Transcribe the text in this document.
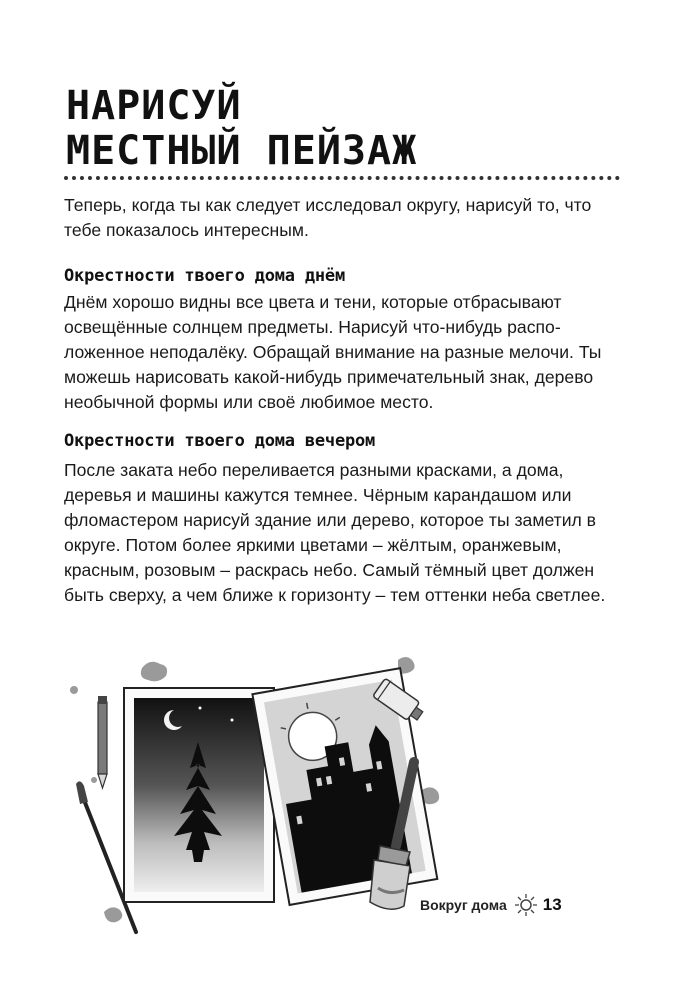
НАРИСУЙ
МЕСТНЫЙ ПЕЙЗАЖ

Теперь, когда ты как следует исследовал округу, нарисуй то, что тебе показалось интересным.

Окрестности твоего дома днём

Днём хорошо видны все цвета и тени, которые отбрасывают освещённые солнцем предметы. Нарисуй что-нибудь расположенное неподалёку. Обращай внимание на разные мелочи. Ты можешь нарисовать какой-нибудь примечательный знак, дерево необычной формы или своё любимое место.

Окрестности твоего дома вечером

После заката небо переливается разными красками, а дома, деревья и машины кажутся темнее. Чёрным карандашом или фломастером нарисуй здание или дерево, которое ты заметил в округе. Потом более яркими цветами – жёлтым, оранжевым, красным, розовым – раскрась небо. Самый тёмный цвет должен быть сверху, а чем ближе к горизонту – тем оттенки неба светлее.

Вокруг дома 13
